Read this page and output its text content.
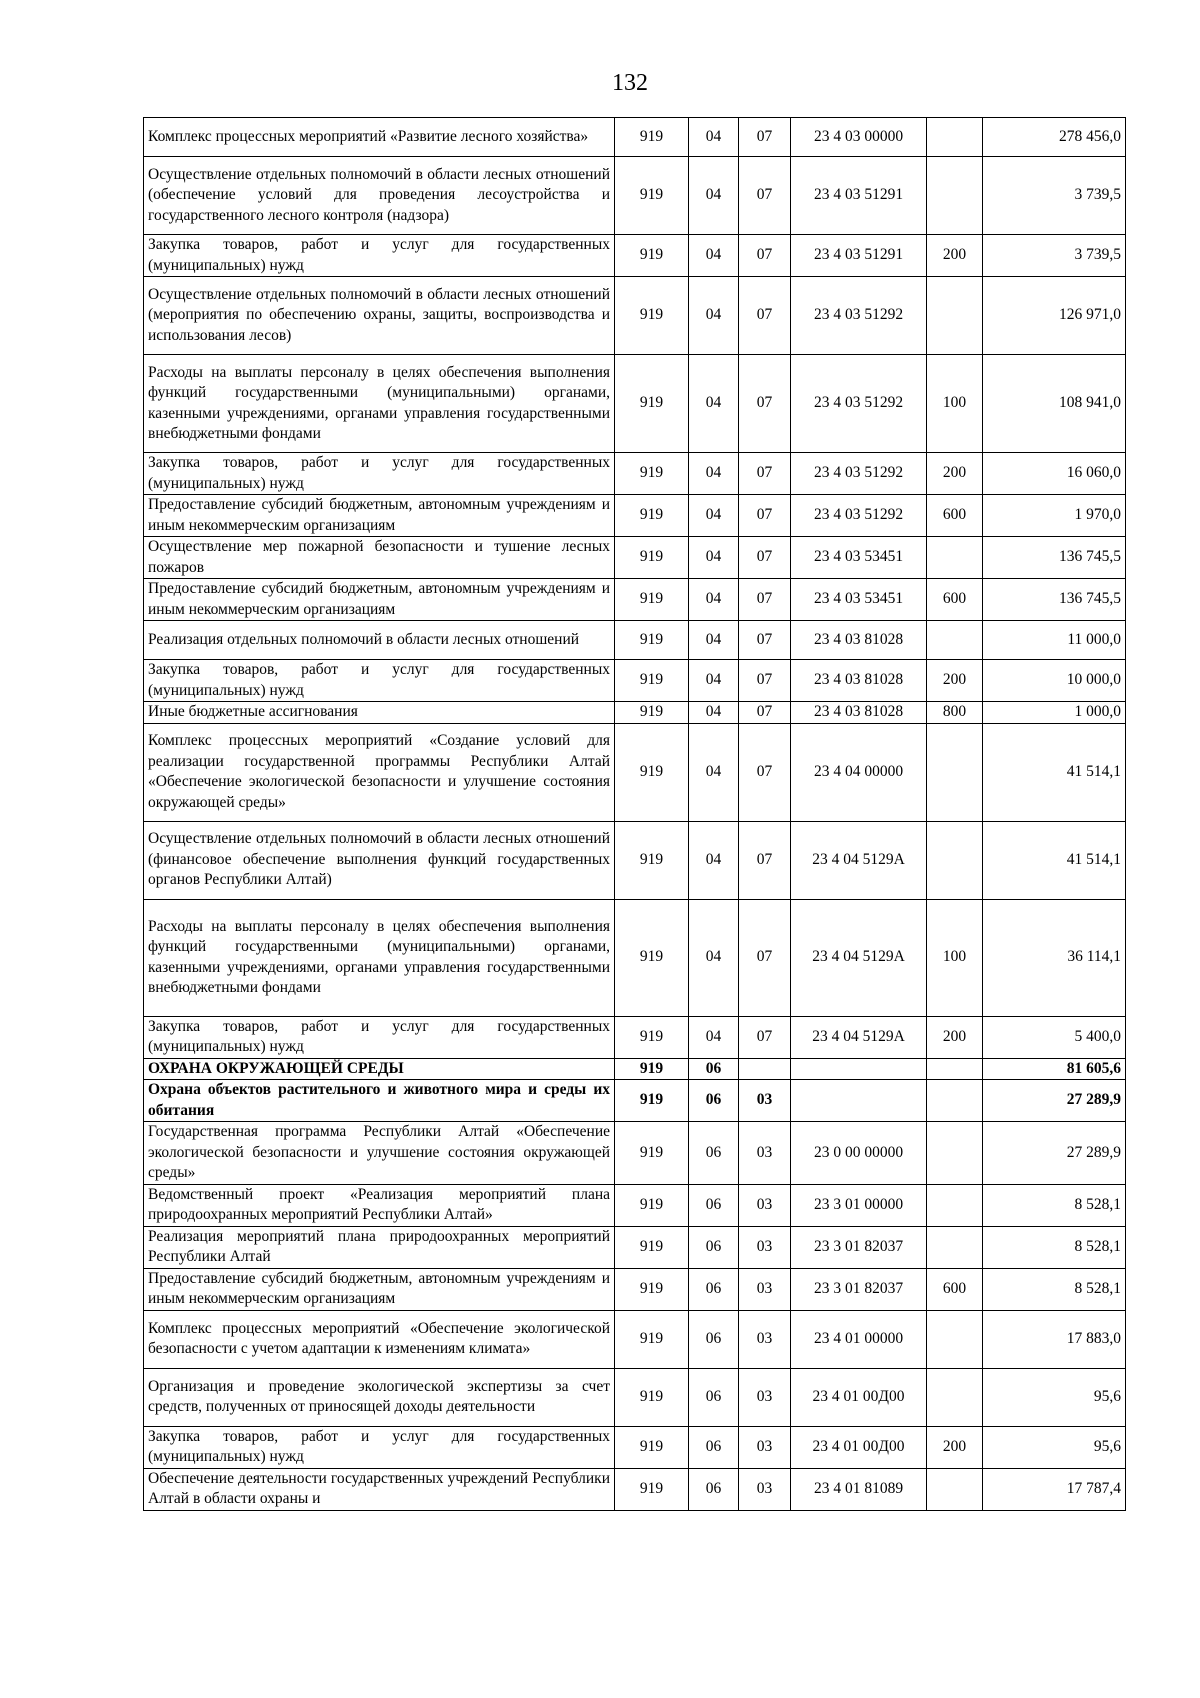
132
Комплекс процессных мероприятий «Развитие лесного хозяйства»	919	04	07	23 4 03 00000		278 456,0
Осуществление отдельных полномочий в области лесных отношений (обеспечение условий для проведения лесоустройства и государственного лесного контроля (надзора)	919	04	07	23 4 03 51291		3 739,5
Закупка товаров, работ и услуг для государственных (муниципальных) нужд	919	04	07	23 4 03 51291	200	3 739,5
Осуществление отдельных полномочий в области лесных отношений (мероприятия по обеспечению охраны, защиты, воспроизводства и использования лесов)	919	04	07	23 4 03 51292		126 971,0
Расходы на выплаты персоналу в целях обеспечения выполнения функций государственными (муниципальными) органами, казенными учреждениями, органами управления государственными внебюджетными фондами	919	04	07	23 4 03 51292	100	108 941,0
Закупка товаров, работ и услуг для государственных (муниципальных) нужд	919	04	07	23 4 03 51292	200	16 060,0
Предоставление субсидий бюджетным, автономным учреждениям и иным некоммерческим организациям	919	04	07	23 4 03 51292	600	1 970,0
Осуществление мер пожарной безопасности и тушение лесных пожаров	919	04	07	23 4 03 53451		136 745,5
Предоставление субсидий бюджетным, автономным учреждениям и иным некоммерческим организациям	919	04	07	23 4 03 53451	600	136 745,5
Реализация отдельных полномочий в области лесных отношений	919	04	07	23 4 03 81028		11 000,0
Закупка товаров, работ и услуг для государственных (муниципальных) нужд	919	04	07	23 4 03 81028	200	10 000,0
Иные бюджетные ассигнования	919	04	07	23 4 03 81028	800	1 000,0
Комплекс процессных мероприятий «Создание условий для реализации государственной программы Республики Алтай «Обеспечение экологической безопасности и улучшение состояния окружающей среды»	919	04	07	23 4 04 00000		41 514,1
Осуществление отдельных полномочий в области лесных отношений (финансовое обеспечение выполнения функций государственных органов Республики Алтай)	919	04	07	23 4 04 5129А		41 514,1
Расходы на выплаты персоналу в целях обеспечения выполнения функций государственными (муниципальными) органами, казенными учреждениями, органами управления государственными внебюджетными фондами	919	04	07	23 4 04 5129А	100	36 114,1
Закупка товаров, работ и услуг для государственных (муниципальных) нужд	919	04	07	23 4 04 5129А	200	5 400,0
ОХРАНА ОКРУЖАЮЩЕЙ СРЕДЫ	919	06				81 605,6
Охрана объектов растительного и животного мира и среды их обитания	919	06	03			27 289,9
Государственная программа Республики Алтай «Обеспечение экологической безопасности и улучшение состояния окружающей среды»	919	06	03	23 0 00 00000		27 289,9
Ведомственный проект «Реализация мероприятий плана природоохранных мероприятий Республики Алтай»	919	06	03	23 3 01 00000		8 528,1
Реализация мероприятий плана природоохранных мероприятий Республики Алтай	919	06	03	23 3 01 82037		8 528,1
Предоставление субсидий бюджетным, автономным учреждениям и иным некоммерческим организациям	919	06	03	23 3 01 82037	600	8 528,1
Комплекс процессных мероприятий «Обеспечение экологической безопасности с учетом адаптации к изменениям климата»	919	06	03	23 4 01 00000		17 883,0
Организация и проведение экологической экспертизы за счет средств, полученных от приносящей доходы деятельности	919	06	03	23 4 01 00Д00		95,6
Закупка товаров, работ и услуг для государственных (муниципальных) нужд	919	06	03	23 4 01 00Д00	200	95,6
Обеспечение деятельности государственных учреждений Республики Алтай в области охраны и	919	06	03	23 4 01 81089		17 787,4
